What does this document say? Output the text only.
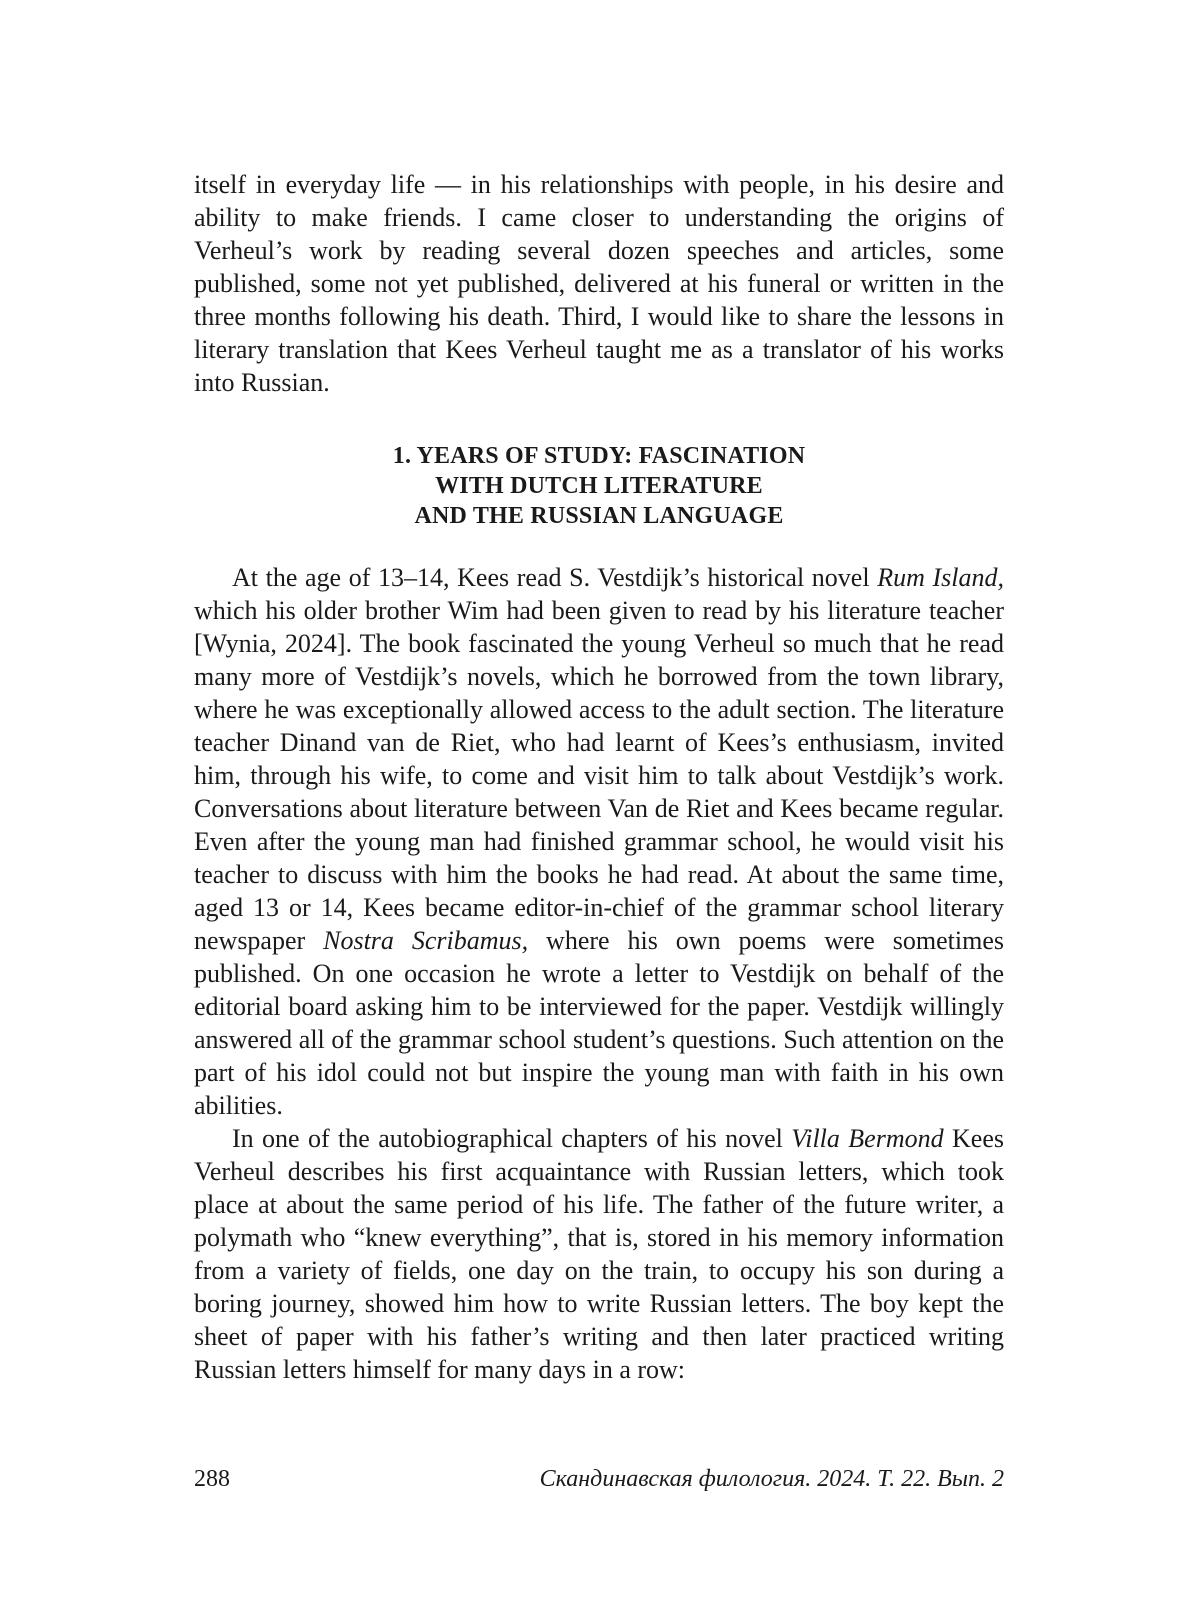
itself in everyday life — in his relationships with people, in his desire and ability to make friends. I came closer to understanding the origins of Verheul’s work by reading several dozen speeches and articles, some published, some not yet published, delivered at his funeral or written in the three months following his death. Third, I would like to share the lessons in literary translation that Kees Verheul taught me as a translator of his works into Russian.

1. YEARS OF STUDY: FASCINATION
WITH DUTCH LITERATURE
AND THE RUSSIAN LANGUAGE

At the age of 13–14, Kees read S. Vestdijk’s historical novel Rum Island, which his older brother Wim had been given to read by his literature teacher [Wynia, 2024]. The book fascinated the young Verheul so much that he read many more of Vestdijk’s novels, which he borrowed from the town library, where he was exceptionally allowed access to the adult section. The literature teacher Dinand van de Riet, who had learnt of Kees’s enthusiasm, invited him, through his wife, to come and visit him to talk about Vestdijk’s work. Conversations about literature between Van de Riet and Kees became regular. Even after the young man had finished grammar school, he would visit his teacher to discuss with him the books he had read. At about the same time, aged 13 or 14, Kees became editor-in-chief of the grammar school literary newspaper Nostra Scribamus, where his own poems were sometimes published. On one occasion he wrote a letter to Vestdijk on behalf of the editorial board asking him to be interviewed for the paper. Vestdijk willingly answered all of the grammar school student’s questions. Such attention on the part of his idol could not but inspire the young man with faith in his own abilities.

In one of the autobiographical chapters of his novel Villa Bermond Kees Verheul describes his first acquaintance with Russian letters, which took place at about the same period of his life. The father of the future writer, a polymath who “knew everything”, that is, stored in his memory information from a variety of fields, one day on the train, to occupy his son during a boring journey, showed him how to write Russian letters. The boy kept the sheet of paper with his father’s writing and then later practiced writing Russian letters himself for many days in a row:

288	Скандинавская филология. 2024. Т. 22. Вып. 2
